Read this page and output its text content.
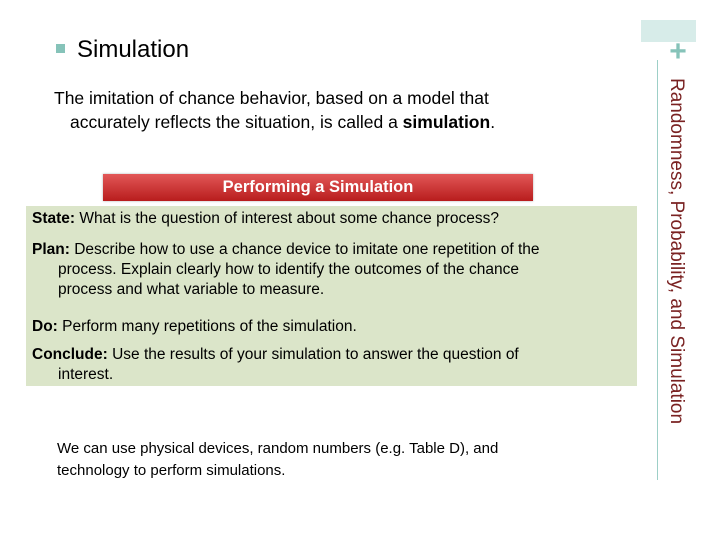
+
Randomness, Probability, and Simulation
Simulation
The imitation of chance behavior, based on a model that
accurately reflects the situation, is called a simulation.
Performing a Simulation
State: What is the question of interest about some chance process?
Plan: Describe how to use a chance device to imitate one repetition of the
process. Explain clearly how to identify the outcomes of the chance
process and what variable to measure.
Do: Perform many repetitions of the simulation.
Conclude: Use the results of your simulation to answer the question of
interest.
We can use physical devices, random numbers (e.g. Table D), and
technology to perform simulations.
